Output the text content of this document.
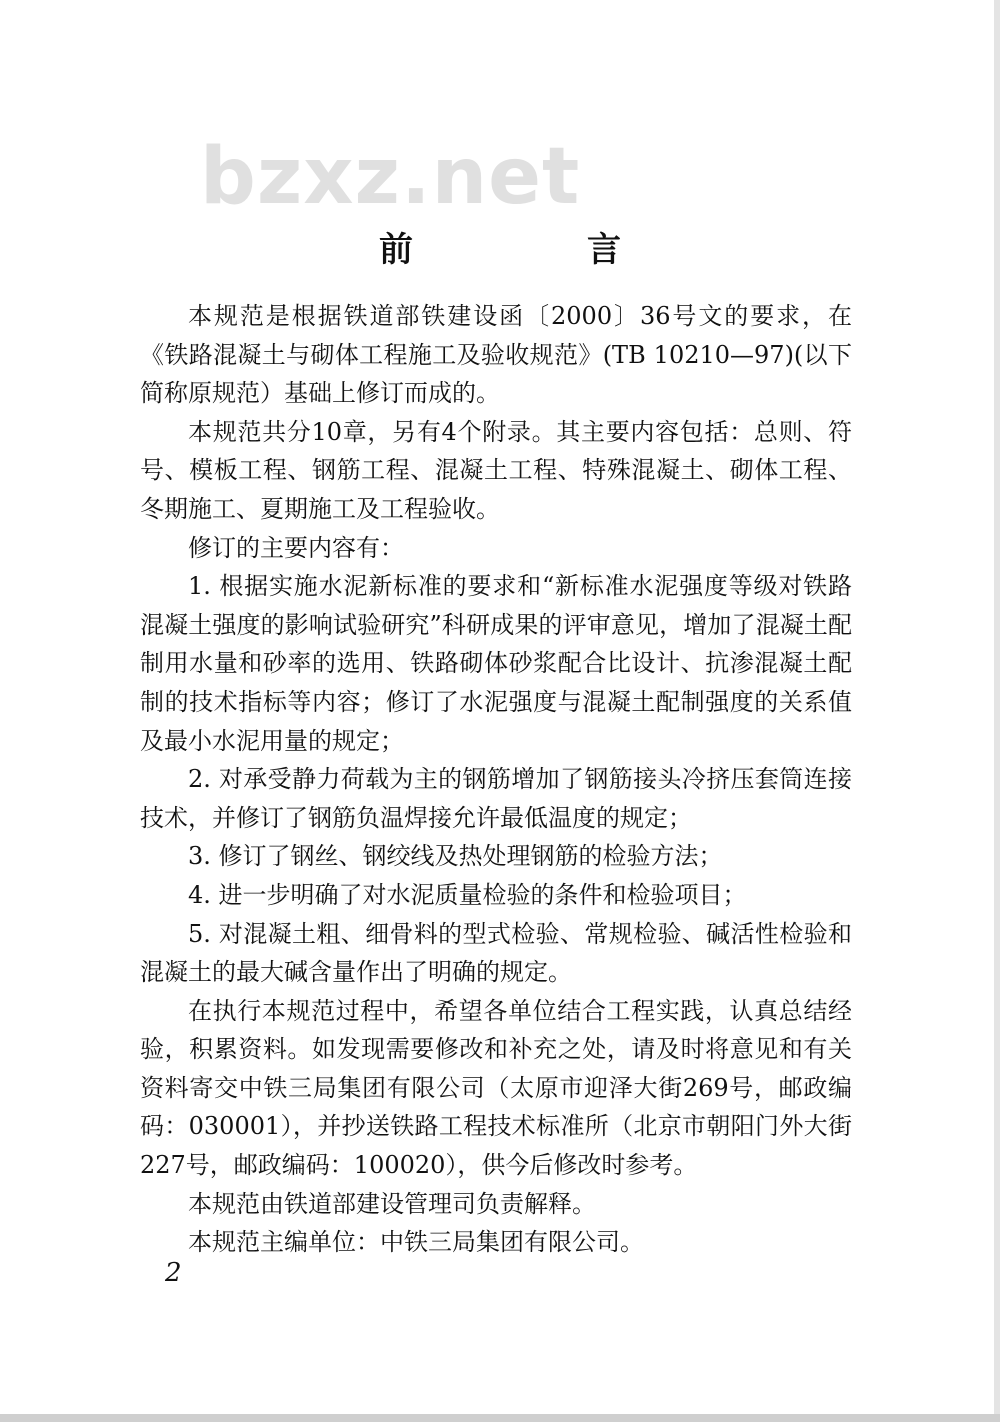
bzxz.net
前　言

本规范是根据铁道部铁建设函〔2000〕36号文的要求，在《铁路混凝土与砌体工程施工及验收规范》(TB 10210—97)(以下简称原规范）基础上修订而成的。

本规范共分10章，另有4个附录。其主要内容包括：总则、符号、模板工程、钢筋工程、混凝土工程、特殊混凝土、砌体工程、冬期施工、夏期施工及工程验收。

修订的主要内容有：

1. 根据实施水泥新标准的要求和“新标准水泥强度等级对铁路混凝土强度的影响试验研究”科研成果的评审意见，增加了混凝土配制用水量和砂率的选用、铁路砌体砂浆配合比设计、抗渗混凝土配制的技术指标等内容；修订了水泥强度与混凝土配制强度的关系值及最小水泥用量的规定；

2. 对承受静力荷载为主的钢筋增加了钢筋接头冷挤压套筒连接技术，并修订了钢筋负温焊接允许最低温度的规定；

3. 修订了钢丝、钢绞线及热处理钢筋的检验方法；

4. 进一步明确了对水泥质量检验的条件和检验项目；

5. 对混凝土粗、细骨料的型式检验、常规检验、碱活性检验和混凝土的最大碱含量作出了明确的规定。

在执行本规范过程中，希望各单位结合工程实践，认真总结经验，积累资料。如发现需要修改和补充之处，请及时将意见和有关资料寄交中铁三局集团有限公司（太原市迎泽大街269号，邮政编码：030001），并抄送铁路工程技术标准所（北京市朝阳门外大街227号，邮政编码：100020），供今后修改时参考。

本规范由铁道部建设管理司负责解释。

本规范主编单位：中铁三局集团有限公司。

2
